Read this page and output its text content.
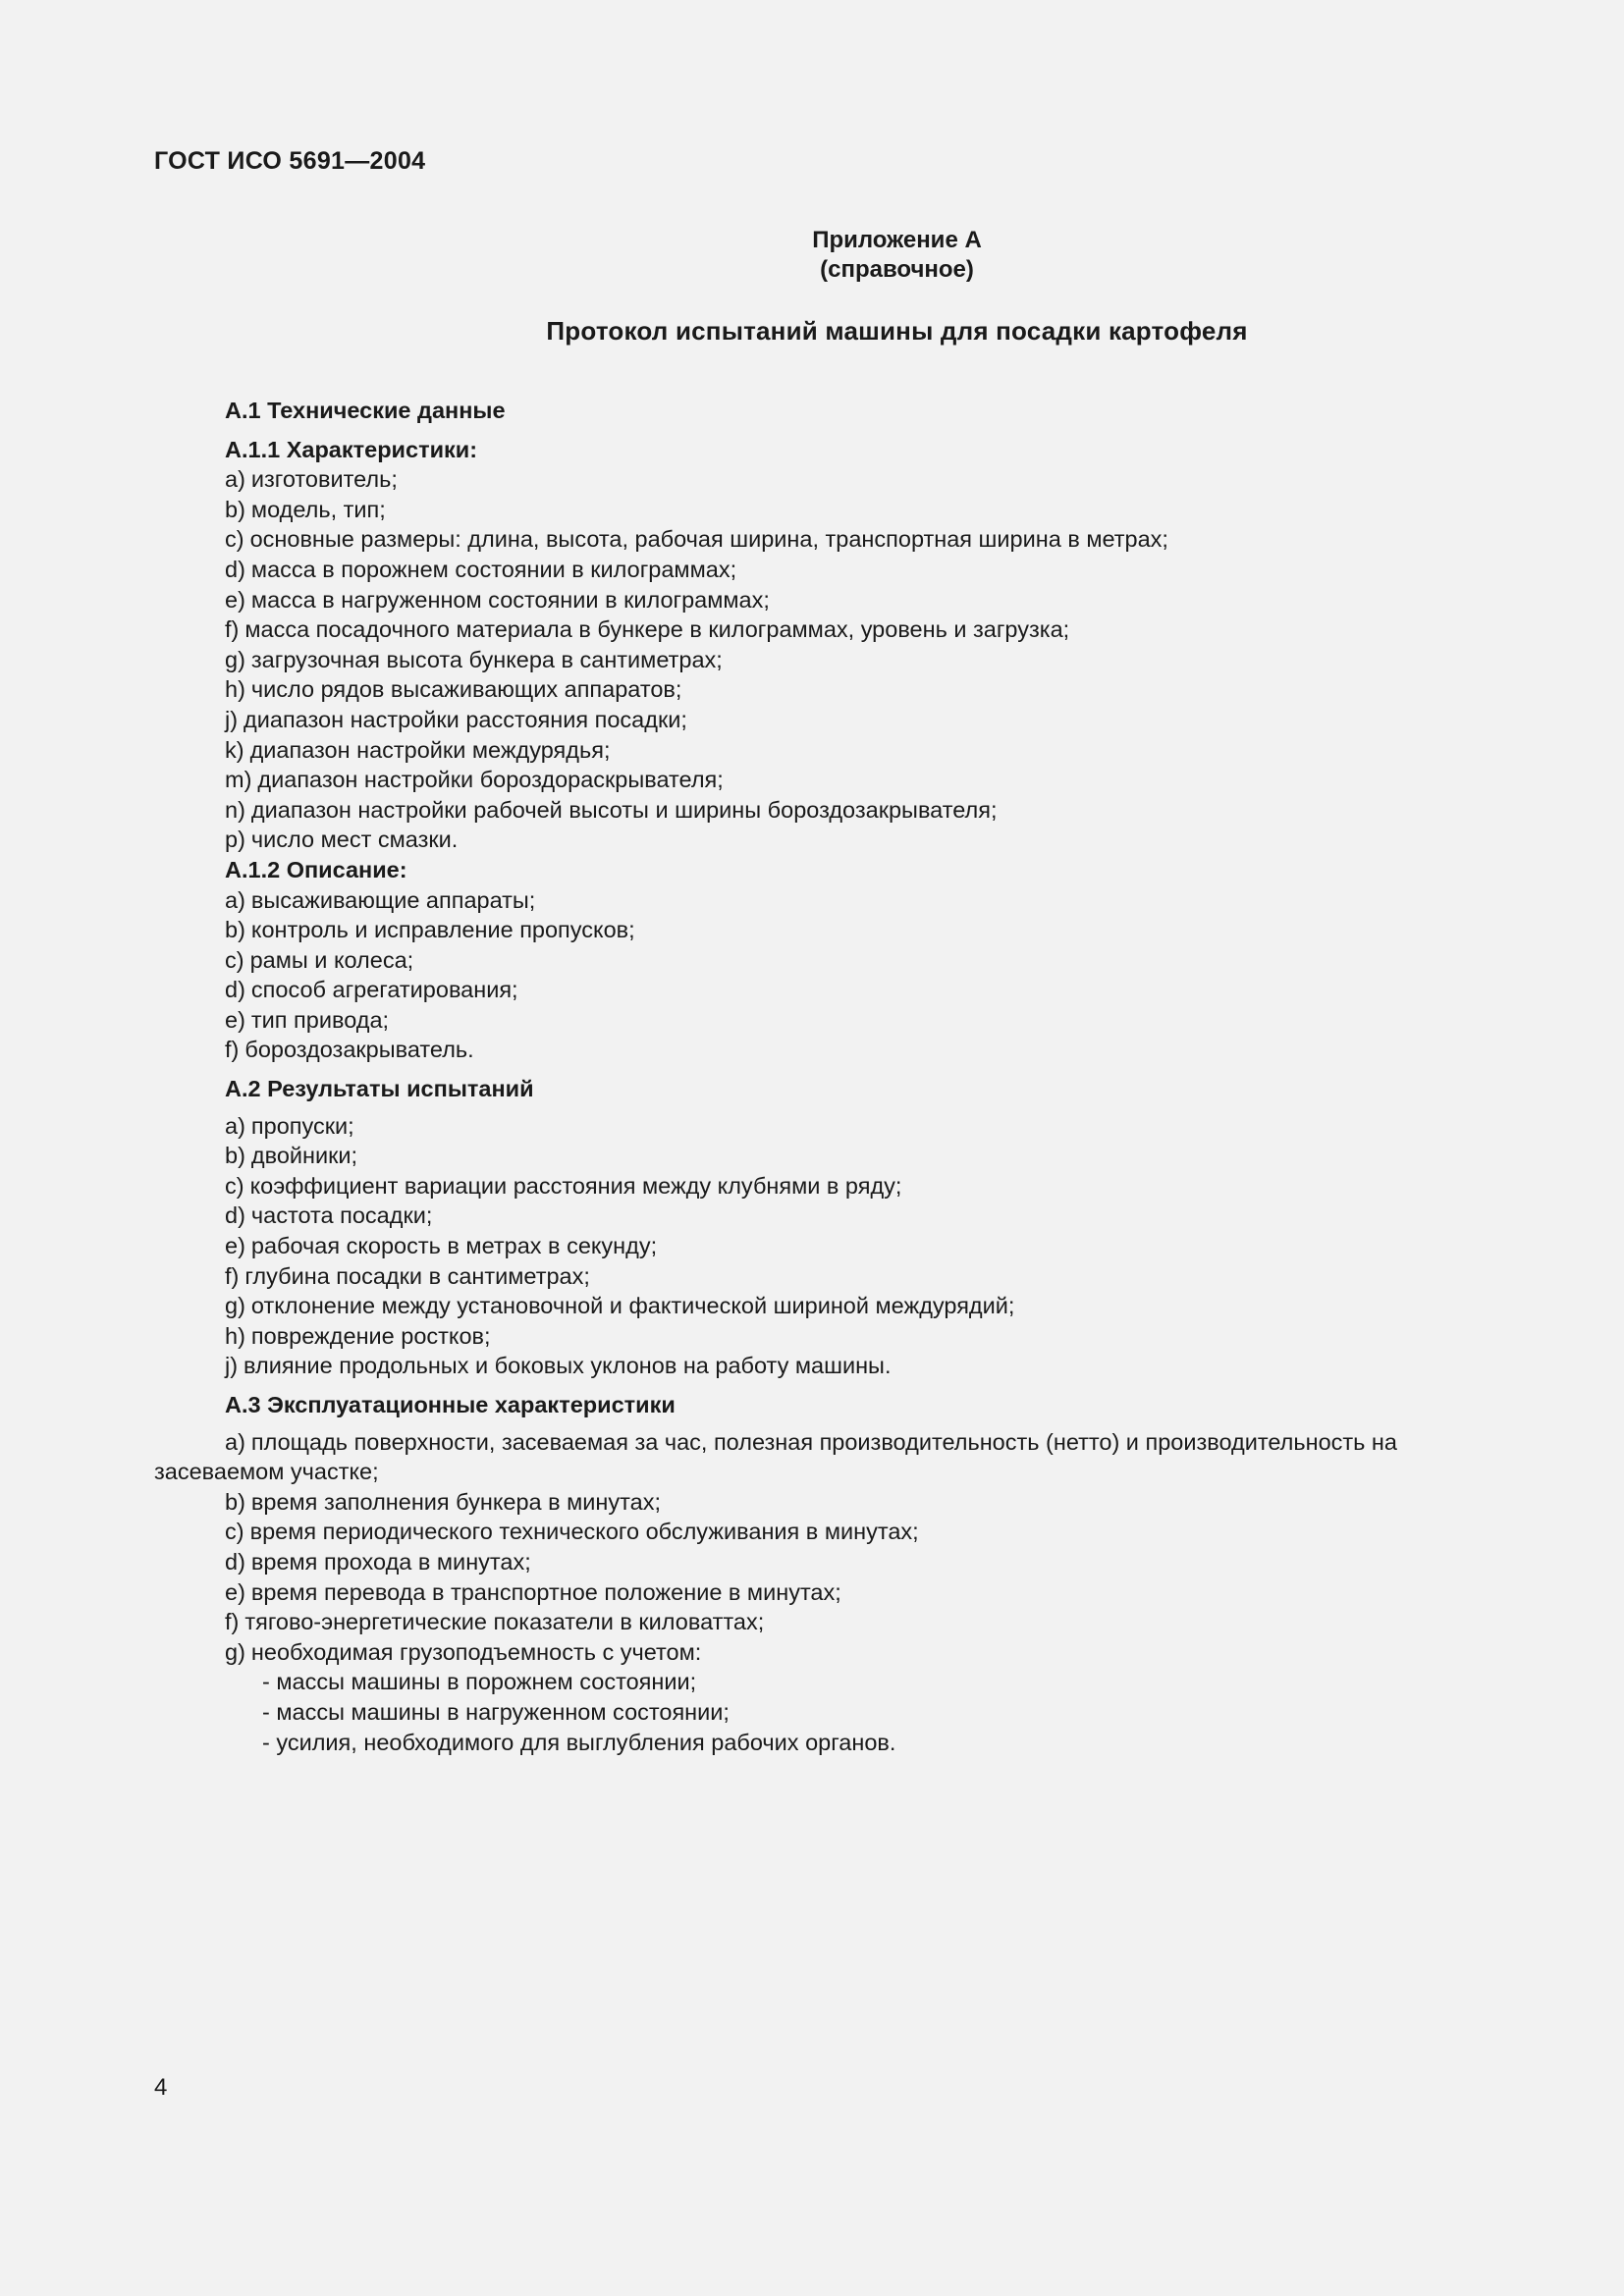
ГОСТ ИСО 5691—2004
Приложение А
(справочное)
Протокол испытаний машины для посадки картофеля
А.1 Технические данные
А.1.1 Характеристики:
a) изготовитель;
b) модель, тип;
c) основные размеры: длина, высота, рабочая ширина, транспортная ширина в метрах;
d) масса в порожнем состоянии в килограммах;
e) масса в нагруженном состоянии в килограммах;
f) масса посадочного материала в бункере в килограммах, уровень и загрузка;
g) загрузочная высота бункера в сантиметрах;
h) число рядов высаживающих аппаратов;
j) диапазон настройки расстояния посадки;
k) диапазон настройки междурядья;
m) диапазон настройки бороздораскрывателя;
n) диапазон настройки рабочей высоты и ширины бороздозакрывателя;
p) число мест смазки.
А.1.2 Описание:
a) высаживающие аппараты;
b) контроль и исправление пропусков;
c) рамы и колеса;
d) способ агрегатирования;
e) тип привода;
f) бороздозакрыватель.
А.2 Результаты испытаний
a) пропуски;
b) двойники;
c) коэффициент вариации расстояния между клубнями в ряду;
d) частота посадки;
e) рабочая скорость в метрах в секунду;
f) глубина посадки в сантиметрах;
g) отклонение между установочной и фактической шириной междурядий;
h) повреждение ростков;
j) влияние продольных и боковых уклонов на работу машины.
А.3 Эксплуатационные характеристики
a) площадь поверхности, засеваемая за час, полезная производительность (нетто) и производительность на засеваемом участке;
b) время заполнения бункера в минутах;
c) время периодического технического обслуживания в минутах;
d) время прохода в минутах;
e) время перевода в транспортное положение в минутах;
f) тягово-энергетические показатели в киловаттах;
g) необходимая грузоподъемность с учетом:
- массы машины в порожнем состоянии;
- массы машины в нагруженном состоянии;
- усилия, необходимого для выглубления рабочих органов.
4
